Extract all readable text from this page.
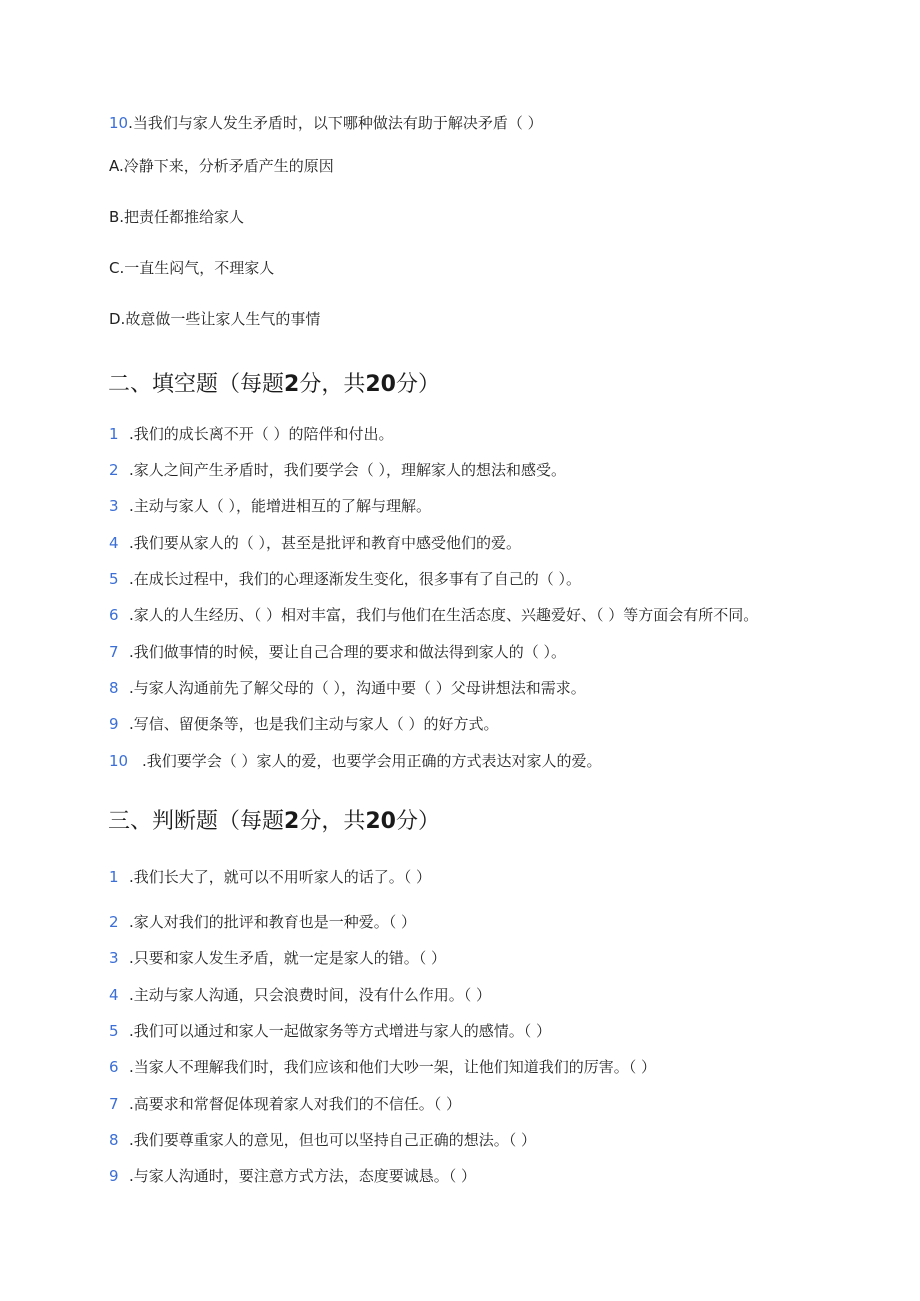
10.当我们与家人发生矛盾时，以下哪种做法有助于解决矛盾（ ）
A.冷静下来，分析矛盾产生的原因
B.把责任都推给家人
C.一直生闷气，不理家人
D.故意做一些让家人生气的事情
二、填空题（每题2分，共20分）
1 .我们的成长离不开（ ）的陪伴和付出。
2 .家人之间产生矛盾时，我们要学会（ ），理解家人的想法和感受。
3 .主动与家人（ ），能增进相互的了解与理解。
4 .我们要从家人的（ ），甚至是批评和教育中感受他们的爱。
5 .在成长过程中，我们的心理逐渐发生变化，很多事有了自己的（ ）。
6 .家人的人生经历、（ ）相对丰富，我们与他们在生活态度、兴趣爱好、（ ）等方面会有所不同。
7 .我们做事情的时候，要让自己合理的要求和做法得到家人的（ ）。
8 .与家人沟通前先了解父母的（ ），沟通中要（ ）父母讲想法和需求。
9 .写信、留便条等，也是我们主动与家人（ ）的好方式。
10 .我们要学会（ ）家人的爱，也要学会用正确的方式表达对家人的爱。
三、判断题（每题2分，共20分）
1 .我们长大了，就可以不用听家人的话了。（ ）
2 .家人对我们的批评和教育也是一种爱。（ ）
3 .只要和家人发生矛盾，就一定是家人的错。（ ）
4 .主动与家人沟通，只会浪费时间，没有什么作用。（ ）
5 .我们可以通过和家人一起做家务等方式增进与家人的感情。（ ）
6 .当家人不理解我们时，我们应该和他们大吵一架，让他们知道我们的厉害。（ ）
7 .高要求和常督促体现着家人对我们的不信任。（ ）
8 .我们要尊重家人的意见，但也可以坚持自己正确的想法。（ ）
9 .与家人沟通时，要注意方式方法，态度要诚恳。（ ）
